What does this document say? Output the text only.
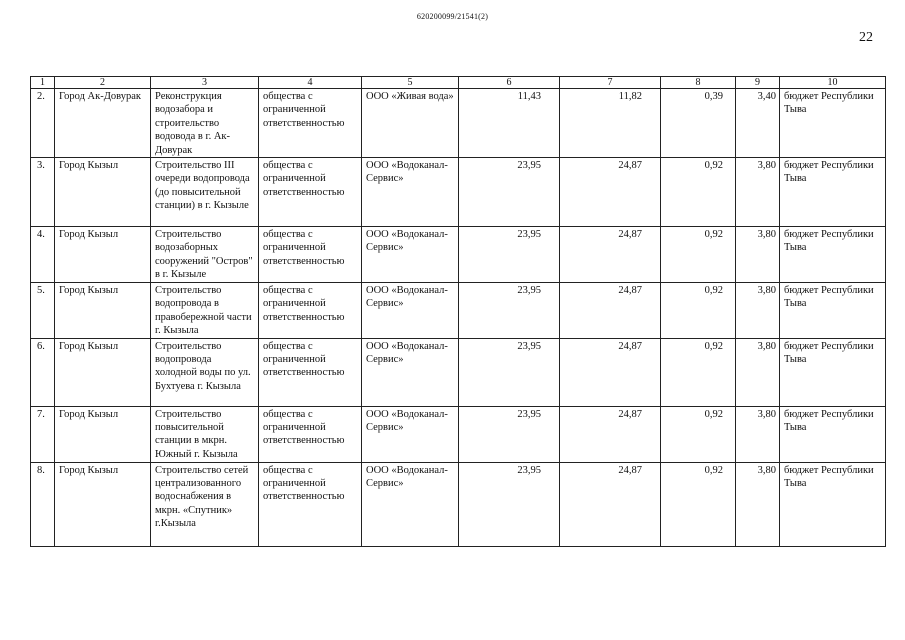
620200099/21541(2)
22
1	2	3	4	5	6	7	8	9	10
2.	Город Ак-Довурак	Реконструкция водозабора и строительство водовода в г. Ак-Довурак	общества с ограниченной ответственностью	ООО «Живая вода»	11,43	11,82	0,39	3,40	бюджет Республики Тыва
3.	Город Кызыл	Строительство III очереди водопровода (до повысительной станции) в г. Кызыле	общества с ограниченной ответственностью	ООО «Водоканал-Сервис»	23,95	24,87	0,92	3,80	бюджет Республики Тыва
4.	Город Кызыл	Строительство водозаборных сооружений "Остров" в г. Кызыле	общества с ограниченной ответственностью	ООО «Водоканал-Сервис»	23,95	24,87	0,92	3,80	бюджет Республики Тыва
5.	Город Кызыл	Строительство водопровода в правобережной части г. Кызыла	общества с ограниченной ответственностью	ООО «Водоканал-Сервис»	23,95	24,87	0,92	3,80	бюджет Республики Тыва
6.	Город Кызыл	Строительство водопровода холодной воды по ул. Бухтуева г. Кызыла	общества с ограниченной ответственностью	ООО «Водоканал-Сервис»	23,95	24,87	0,92	3,80	бюджет Республики Тыва
7.	Город Кызыл	Строительство повысительной станции в мкрн. Южный г. Кызыла	общества с ограниченной ответственностью	ООО «Водоканал-Сервис»	23,95	24,87	0,92	3,80	бюджет Республики Тыва
8.	Город Кызыл	Строительство сетей централизованного водоснабжения в мкрн. «Спутник» г.Кызыла	общества с ограниченной ответственностью	ООО «Водоканал-Сервис»	23,95	24,87	0,92	3,80	бюджет Республики Тыва
